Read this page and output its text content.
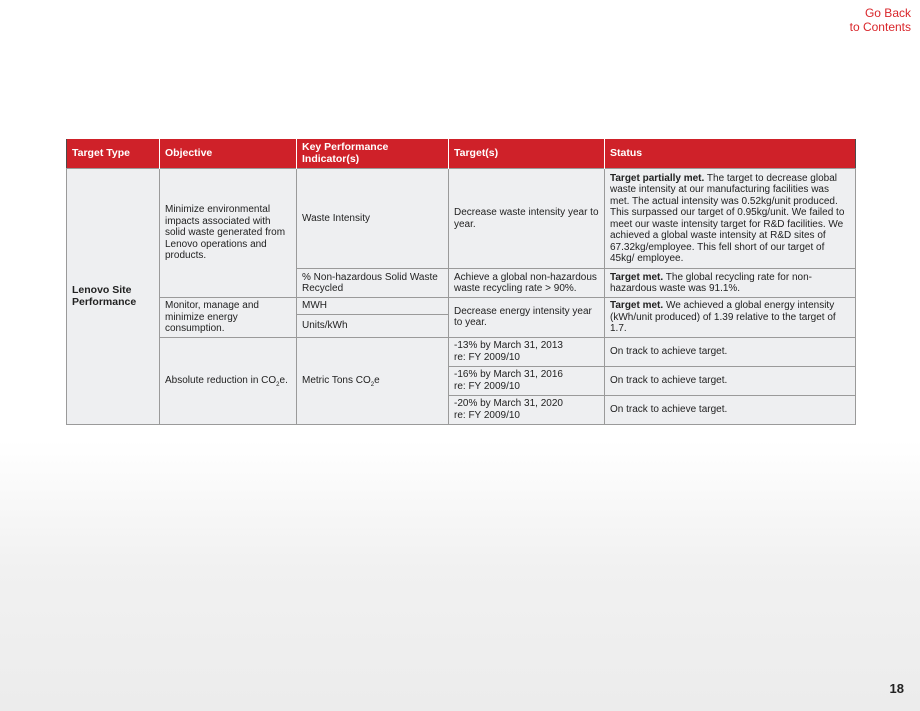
Go Back
to Contents
Target Type	Objective	Key Performance Indicator(s)	Target(s)	Status
Lenovo Site Performance	Minimize environmental impacts associated with solid waste generated from Lenovo operations and products.	Waste Intensity	Decrease waste intensity year to year.	Target partially met. The target to decrease global waste intensity at our manufacturing facilities was met. The actual intensity was 0.52kg/unit produced. This surpassed our target of 0.95kg/unit. We failed to meet our waste intensity target for R&D facilities. We achieved a global waste intensity at R&D sites of 67.32kg/employee. This fell short of our target of 45kg/ employee.
		% Non-hazardous Solid Waste Recycled	Achieve a global non-hazardous waste recycling rate > 90%.	Target met. The global recycling rate for non-hazardous waste was 91.1%.
	Monitor, manage and minimize energy consumption.	MWH	Decrease energy intensity year to year.	Target met. We achieved a global energy intensity (kWh/unit produced) of 1.39 relative to the target of 1.7.
		Units/kWh		
	Absolute reduction in $CO_2e$.	Metric Tons $CO_2e$	-13% by March 31, 2013
re: FY 2009/10	On track to achieve target.
			-16% by March 31, 2016
re: FY 2009/10	On track to achieve target.
			-20% by March 31, 2020
re: FY 2009/10	On track to achieve target.
18
